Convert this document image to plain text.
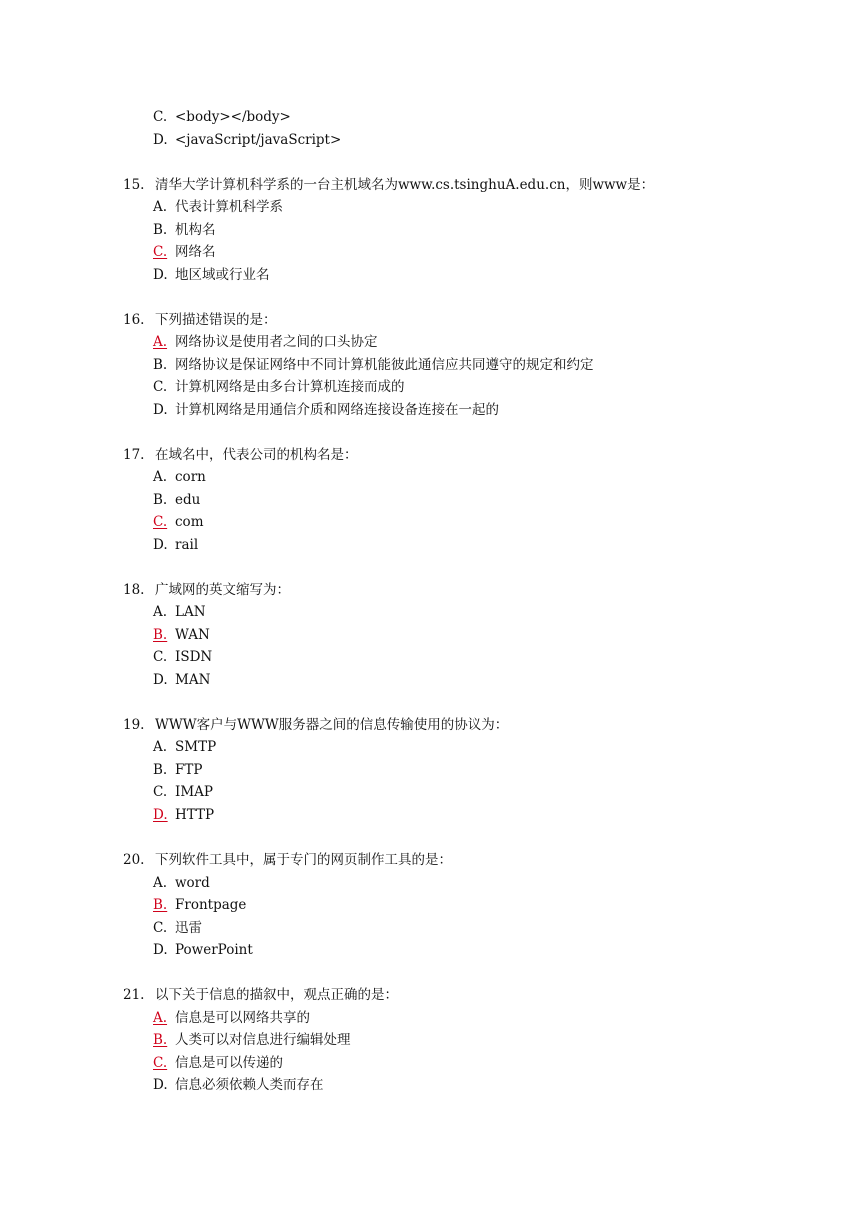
C. <body></body>
D. <javaScript/javaScript>
15. 清华大学计算机科学系的一台主机域名为www.cs.tsinghuA.edu.cn，则www是：
A. 代表计算机科学系
B. 机构名
C. 网络名
D. 地区域或行业名
16. 下列描述错误的是：
A. 网络协议是使用者之间的口头协定
B. 网络协议是保证网络中不同计算机能彼此通信应共同遵守的规定和约定
C. 计算机网络是由多台计算机连接而成的
D. 计算机网络是用通信介质和网络连接设备连接在一起的
17. 在域名中，代表公司的机构名是：
A. corn
B. edu
C. com
D. rail
18. 广域网的英文缩写为：
A. LAN
B. WAN
C. ISDN
D. MAN
19. WWW客户与WWW服务器之间的信息传输使用的协议为：
A. SMTP
B. FTP
C. IMAP
D. HTTP
20. 下列软件工具中，属于专门的网页制作工具的是：
A. word
B. Frontpage
C. 迅雷
D. PowerPoint
21. 以下关于信息的描叙中，观点正确的是：
A. 信息是可以网络共享的
B. 人类可以对信息进行编辑处理
C. 信息是可以传递的
D. 信息必须依赖人类而存在
